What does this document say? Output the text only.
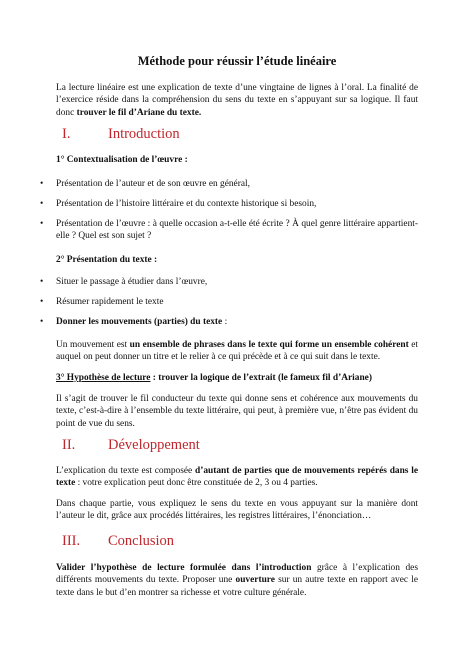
Méthode pour réussir l’étude linéaire
La lecture linéaire est une explication de texte d’une vingtaine de lignes à l’oral. La finalité de l’exercice réside dans la compréhension du sens du texte en s’appuyant sur sa logique. Il faut donc trouver le fil d’Ariane du texte.
I.	Introduction
1° Contextualisation de l’œuvre :
•	Présentation de l’auteur et de son œuvre en général,
•	Présentation de l’histoire littéraire et du contexte historique si besoin,
•	Présentation de l’œuvre : à quelle occasion a-t-elle été écrite ? À quel genre littéraire appartient-elle ? Quel est son sujet ?
2° Présentation du texte :
•	Situer le passage à étudier dans l’œuvre,
•	Résumer rapidement le texte
•	Donner les mouvements (parties) du texte :
Un mouvement est un ensemble de phrases dans le texte qui forme un ensemble cohérent et auquel on peut donner un titre et le relier à ce qui précède et à ce qui suit dans le texte.
3° Hypothèse de lecture : trouver la logique de l’extrait (le fameux fil d’Ariane)
Il s’agit de trouver le fil conducteur du texte qui donne sens et cohérence aux mouvements du texte, c’est-à-dire à l’ensemble du texte littéraire, qui peut, à première vue, n’être pas évident du point de vue du sens.
II. Développement
L’explication du texte est composée d’autant de parties que de mouvements repérés dans le texte : votre explication peut donc être constituée de 2, 3 ou 4 parties.
Dans chaque partie, vous expliquez le sens du texte en vous appuyant sur la manière dont l’auteur le dit, grâce aux procédés littéraires, les registres littéraires, l’énonciation…
III. Conclusion
Valider l’hypothèse de lecture formulée dans l’introduction grâce à l’explication des différents mouvements du texte. Proposer une ouverture sur un autre texte en rapport avec le texte dans le but d’en montrer sa richesse et votre culture générale.
